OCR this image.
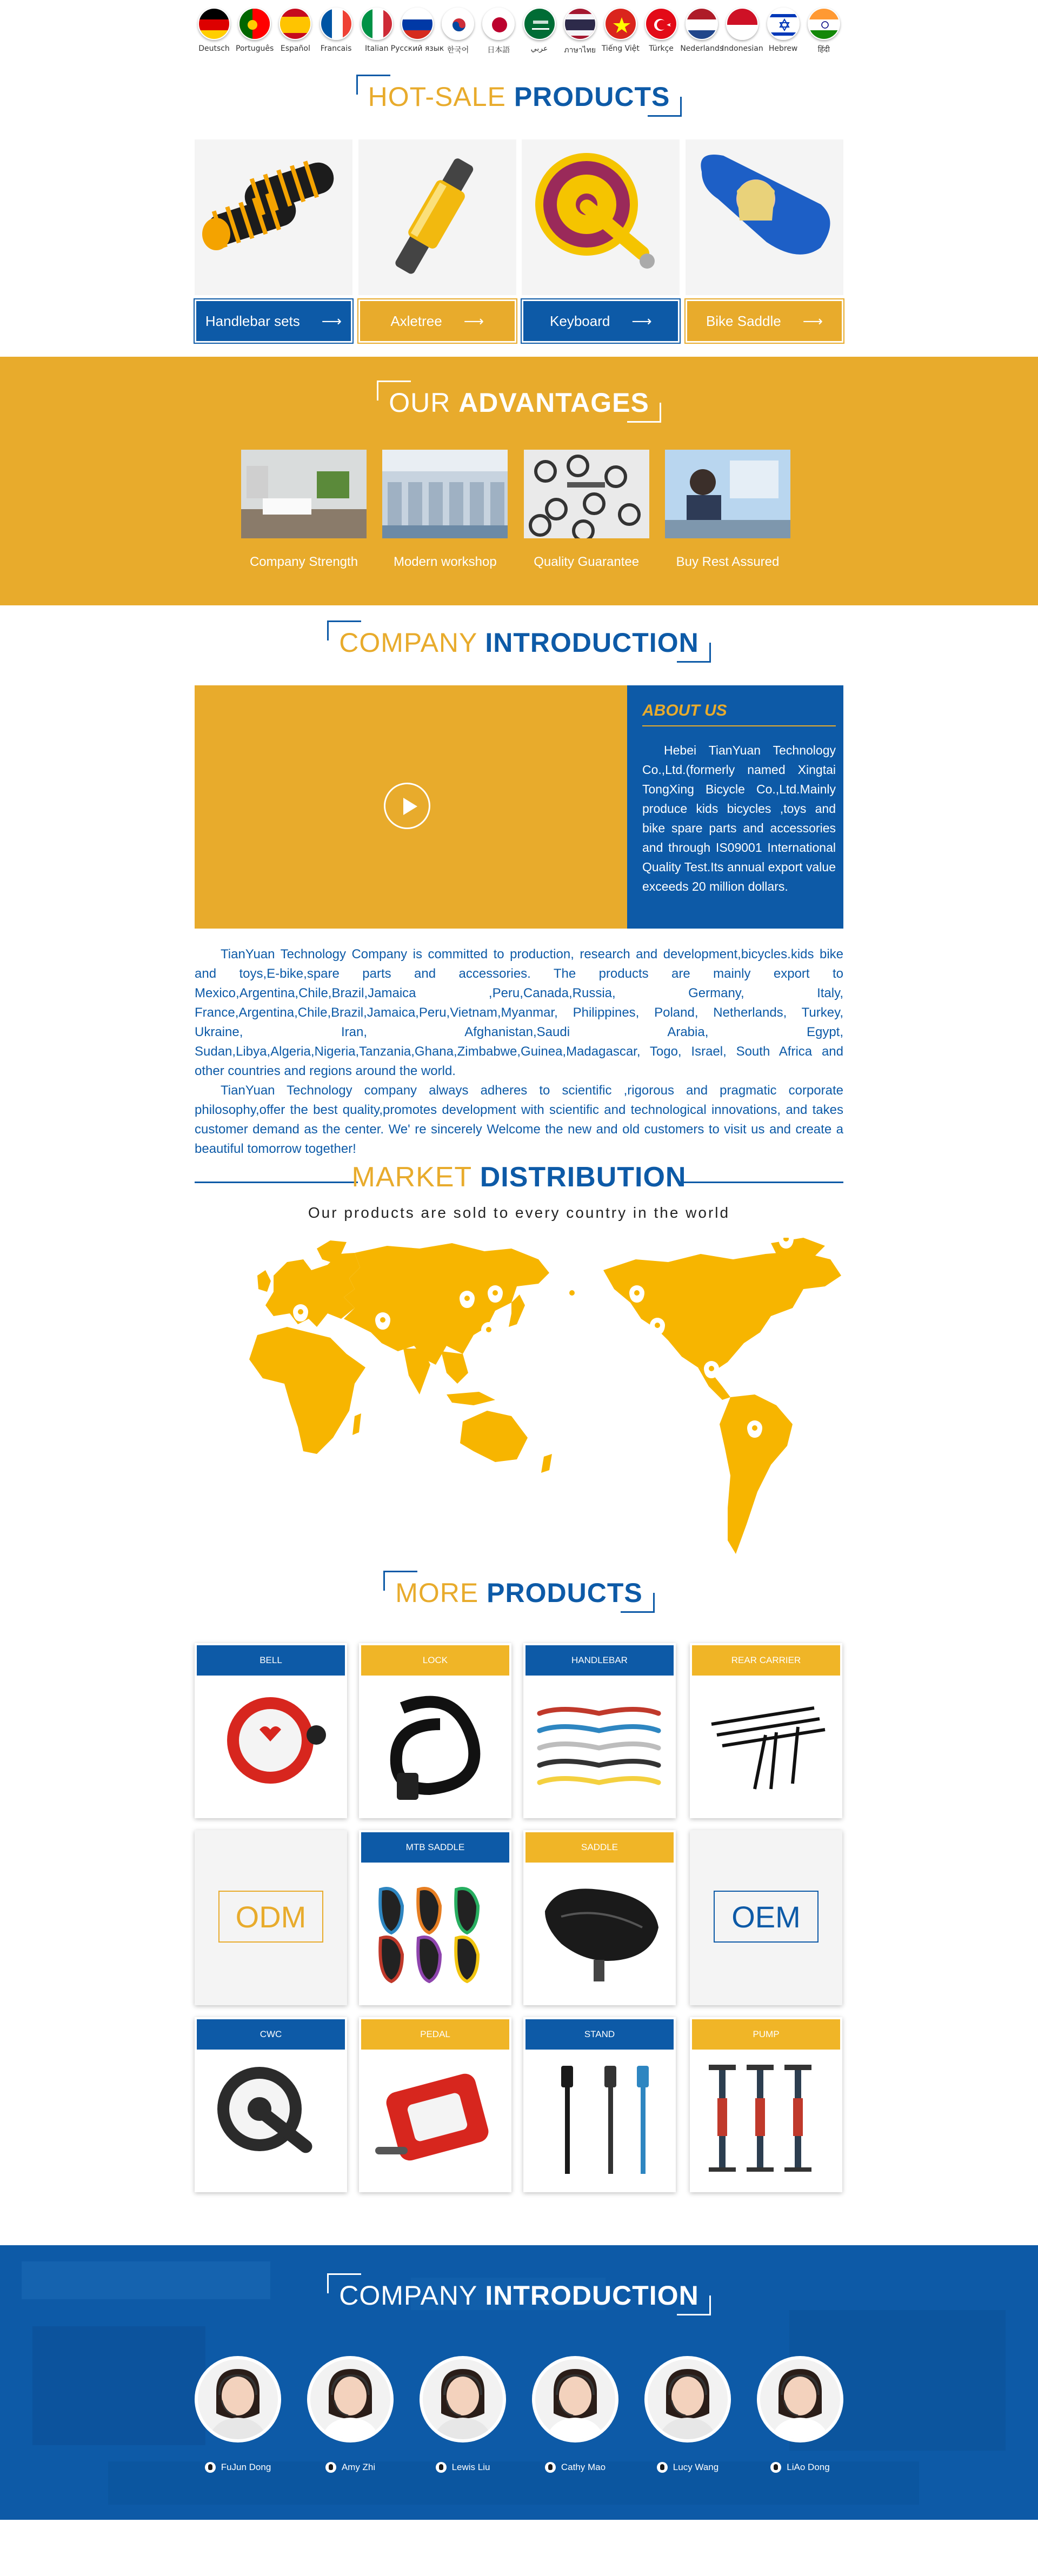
Deutsch Português Español Francais Italian Русский язык 한국어 日本語	عربي ภาษาไทย Tiếng Việt Türkçe Nederlands
Indonesian Hebrew	हिंदी
HOT-SALE PRODUCTS
Handlebar sets ⟶	Axletree ⟶	Keyboard ⟶	Bike Saddle ⟶
OUR ADVANTAGES
Company Strength	Modern workshop	Quality Guarantee	Buy Rest Assured
COMPANY INTRODUCTION
ABOUT US
Hebei TianYuan Technology Co.,Ltd.(formerly named Xingtai TongXing Bicycle Co.,Ltd.Mainly produce kids bicycles ,toys and bike spare parts and accessories and through IS09001 International Quality Test.Its annual export value exceeds 20 million dollars.

TianYuan Technology Company is committed to production, research and development,bicycles.kids bike and toys,E-bike,spare parts and accessories. The products are mainly export to Mexico,Argentina,Chile,Brazil,Jamaica ,Peru,Canada,Russia, Germany, Italy, France,Argentina,Chile,Brazil,Jamaica,Peru,Vietnam,Myanmar, Philippines, Poland, Netherlands, Turkey, Ukraine, Iran, Afghanistan,Saudi Arabia, Egypt, Sudan,Libya,Algeria,Nigeria,Tanzania,Ghana,Zimbabwe,Guinea,Madagascar, Togo, Israel, South Africa and other countries and regions around the world.

TianYuan Technology company always adheres to scientific ,rigorous and pragmatic corporate philosophy,offer the best quality,promotes development with scientific and technological innovations, and takes customer demand as the center. We' re sincerely Welcome the new and old customers to visit us and create a beautiful tomorrow together!

MARKET DISTRIBUTION
Our products are sold to every country in the world
MORE PRODUCTS
BELL	LOCK	HANDLEBAR	REAR CARRIER
ODM
MTB SADDLE	SADDLE
OEM
CWC	PEDAL	STAND	PUMP
COMPANY INTRODUCTION
FuJun Dong	Amy Zhi	Lewis Liu	Cathy Mao	Lucy Wang	LiAo Dong
